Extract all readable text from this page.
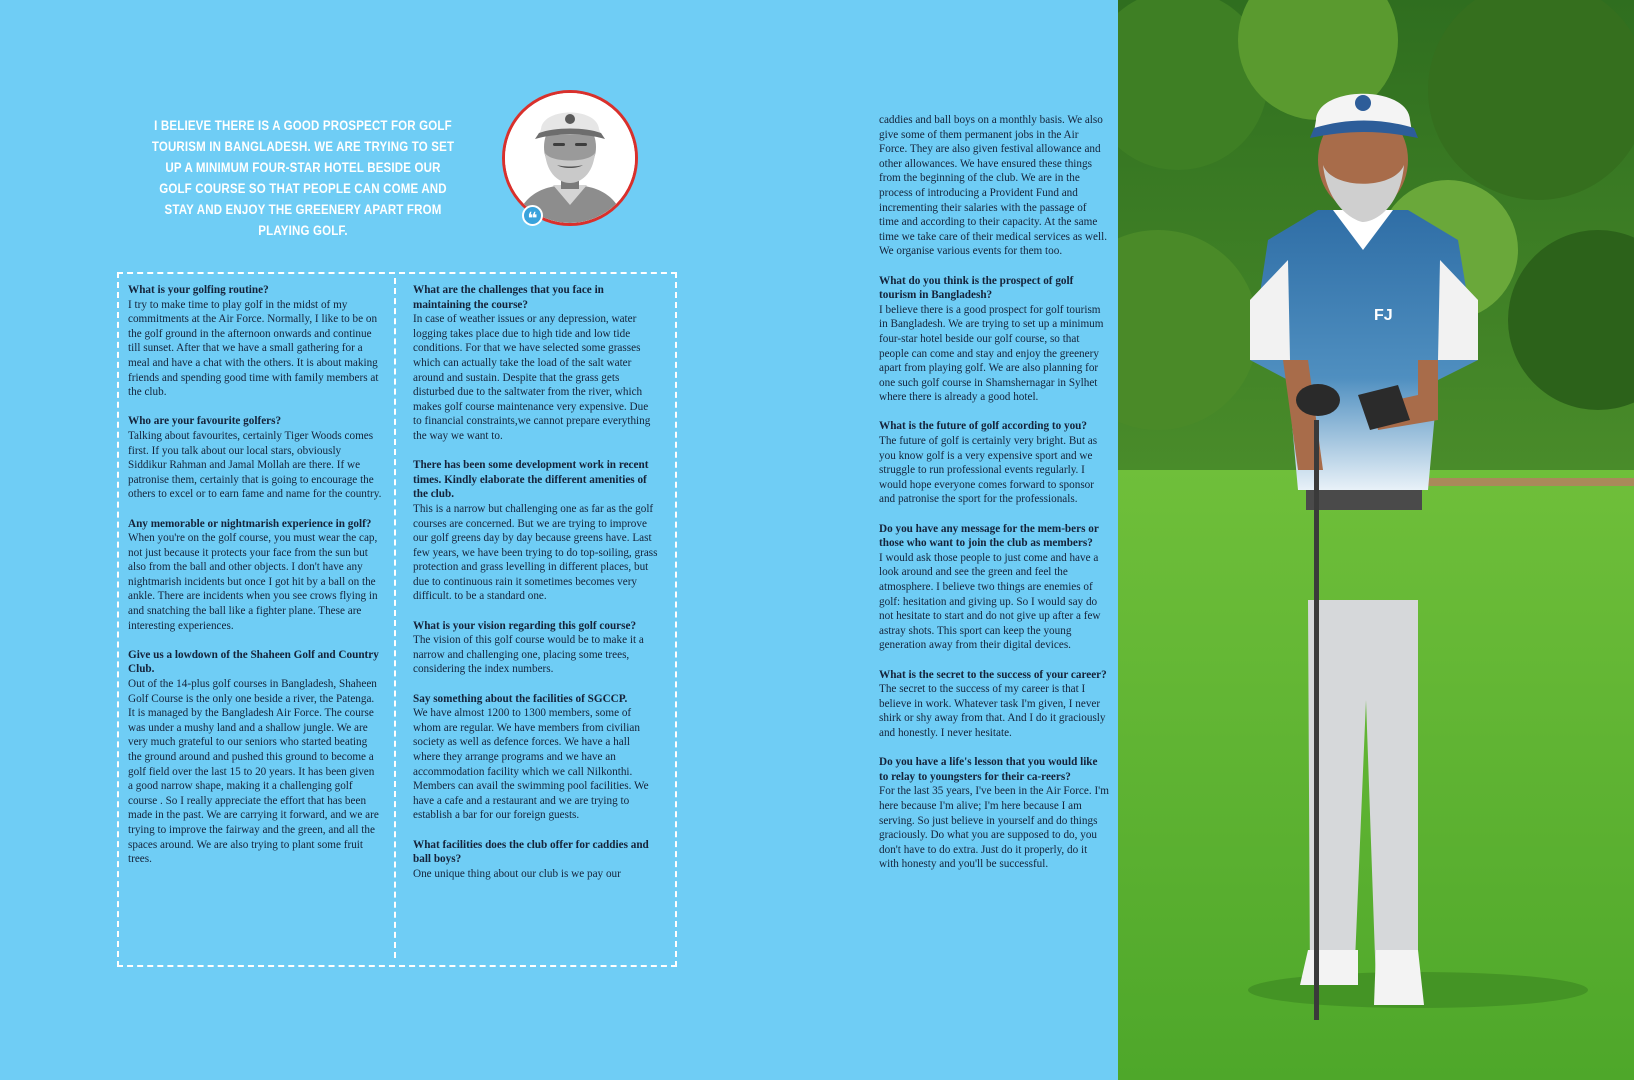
I BELIEVE THERE IS A GOOD PROSPECT FOR GOLF TOURISM IN BANGLADESH. WE ARE TRYING TO SET UP A MINIMUM FOUR-STAR HOTEL BESIDE OUR GOLF COURSE SO THAT PEOPLE CAN COME AND STAY AND ENJOY THE GREENERY APART FROM PLAYING GOLF.
❝
What is your golfing routine?
I try to make time to play golf in the midst of my commitments at the Air Force. Normally, I like to be on the golf ground in the afternoon onwards and continue till sunset. After that we have a small gathering for a meal and have a chat with the others. It is about making friends and spending good time with family members at the club.
Who are your favourite golfers?
Talking about favourites, certainly Tiger Woods comes first. If you talk about our local stars, obviously Siddikur Rahman and Jamal Mollah are there. If we patronise them, certainly that is going to encourage the others to excel or to earn fame and name for the country.
Any memorable or nightmarish experience in golf?
When you're on the golf course, you must wear the cap, not just because it protects your face from the sun but also from the ball and other objects. I don't have any nightmarish incidents but once I got hit by a ball on the ankle. There are incidents when you see crows flying in and snatching the ball like a fighter plane. These are interesting experiences.
Give us a lowdown of the Shaheen Golf and Country Club.
Out of the 14-plus golf courses in Bangladesh, Shaheen Golf Course is the only one beside a river, the Patenga. It is managed by the Bangladesh Air Force. The course was under a mushy land and a shallow jungle. We are very much grateful to our seniors who started beating the ground around and pushed this ground to become a golf field over the last 15 to 20 years. It has been given a good narrow shape, making it a challenging golf course . So I really appreciate the effort that has been made in the past. We are carrying it forward, and we are trying to improve the fairway and the green, and all the spaces around. We are also trying to plant some fruit trees.
What are the challenges that you face in maintaining the course?
In case of weather issues or any depression, water logging takes place due to high tide and low tide conditions. For that we have selected some grasses which can actually take the load of the salt water around and sustain. Despite that the grass gets disturbed due to the saltwater from the river, which makes golf course maintenance very expensive. Due to financial constraints,we cannot prepare everything the way we want to.
There has been some development work in recent times. Kindly elaborate the different amenities of the club.
This is a narrow but challenging one as far as the golf courses are concerned. But we are trying to improve our golf greens day by day because greens have. Last few years, we have been trying to do top-soiling, grass protection and grass levelling in different places, but due to continuous rain it sometimes becomes very difficult. to be a standard one.
What is your vision regarding this golf course?
The vision of this golf course would be to make it a narrow and challenging one, placing some trees, considering the index numbers.
Say something about the facilities of SGCCP.
We have almost 1200 to 1300 members, some of whom are regular. We have members from civilian society as well as defence forces. We have a hall where they arrange programs and we have an accommodation facility which we call Nilkonthi. Members can avail the swimming pool facilities. We have a cafe and a restaurant and we are trying to establish a bar for our foreign guests.
What facilities does the club offer for caddies and ball boys?
One unique thing about our club is we pay our
caddies and ball boys on a monthly basis. We also give some of them permanent jobs in the Air Force. They are also given festival allowance and other allowances. We have ensured these things from the beginning of the club. We are in the process of introducing a Provident Fund and incrementing their salaries with the passage of time and according to their capacity. At the same time we take care of their medical services as well. We organise various events for them too.
What do you think is the prospect of golf tourism in Bangladesh?
I believe there is a good prospect for golf tourism in Bangladesh. We are trying to set up a minimum four-star hotel beside our golf course, so that people can come and stay and enjoy the greenery apart from playing golf. We are also planning for one such golf course in Shamshernagar in Sylhet where there is already a good hotel.
What is the future of golf according to you?
The future of golf is certainly very bright. But as you know golf is a very expensive sport and we struggle to run professional events regularly. I would hope everyone comes forward to sponsor and patronise the sport for the professionals.
Do you have any message for the mem-bers or those who want to join the club as members?
I would ask those people to just come and have a look around and see the green and feel the atmosphere. I believe two things are enemies of golf: hesitation and giving up. So I would say do not hesitate to start and do not give up after a few astray shots. This sport can keep the young generation away from their digital devices.
What is the secret to the success of your career?
The secret to the success of my career is that I believe in work. Whatever task I'm given, I never shirk or shy away from that. And I do it graciously and honestly. I never hesitate.
Do you have a life's lesson that you would like to relay to youngsters for their ca-reers?
For the last 35 years, I've been in the Air Force. I'm here because I'm alive; I'm here because I am serving. So just believe in yourself and do things graciously. Do what you are supposed to do, you don't have to do extra. Just do it properly, do it with honesty and you'll be successful.
FJ
